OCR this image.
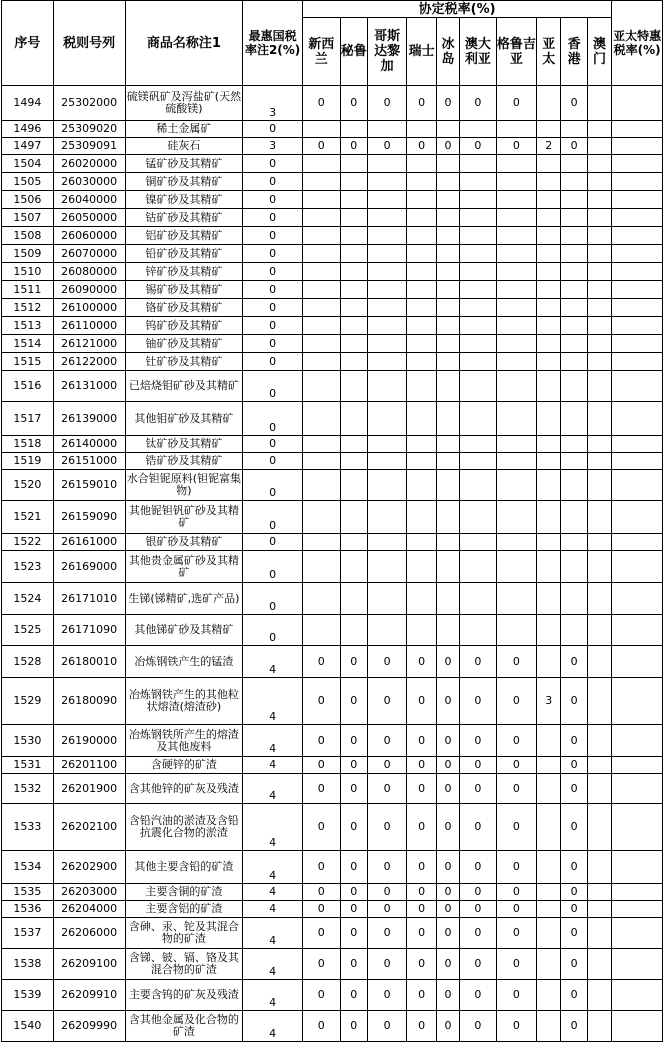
序号	税则号列	商品名称注1	最惠国税率注2(%)	协定税率(%)										亚太特惠税率(%)
				新西兰	秘鲁	哥斯达黎加	瑞士	冰岛	澳大利亚	格鲁吉亚	亚太	香港	澳门	
1494	25302000	硫镁矾矿及泻盐矿(天然硫酸镁)	3	0	0	0	0	0	0	0		0		
1496	25309020	稀土金属矿	0											
1497	25309091	硅灰石	3	0	0	0	0	0	0	0	2	0		
1504	26020000	锰矿砂及其精矿	0											
1505	26030000	铜矿砂及其精矿	0											
1506	26040000	镍矿砂及其精矿	0											
1507	26050000	钴矿砂及其精矿	0											
1508	26060000	铝矿砂及其精矿	0											
1509	26070000	铅矿砂及其精矿	0											
1510	26080000	锌矿砂及其精矿	0											
1511	26090000	锡矿砂及其精矿	0											
1512	26100000	铬矿砂及其精矿	0											
1513	26110000	钨矿砂及其精矿	0											
1514	26121000	铀矿砂及其精矿	0											
1515	26122000	钍矿砂及其精矿	0											
1516	26131000	已焙烧钼矿砂及其精矿	0											
1517	26139000	其他钼矿砂及其精矿	0											
1518	26140000	钛矿砂及其精矿	0											
1519	26151000	锆矿砂及其精矿	0											
1520	26159010	水合钽铌原料(钽铌富集物)	0											
1521	26159090	其他铌钽钒矿砂及其精矿	0											
1522	26161000	银矿砂及其精矿	0											
1523	26169000	其他贵金属矿砂及其精矿	0											
1524	26171010	生锑(锑精矿,选矿产品)	0											
1525	26171090	其他锑矿砂及其精矿	0											
1528	26180010	冶炼钢铁产生的锰渣	4	0	0	0	0	0	0	0		0		
1529	26180090	冶炼钢铁产生的其他粒状熔渣(熔渣砂)	4	0	0	0	0	0	0	0	3	0		
1530	26190000	冶炼钢铁所产生的熔渣及其他废料	4	0	0	0	0	0	0	0		0		
1531	26201100	含硬锌的矿渣	4	0	0	0	0	0	0	0		0		
1532	26201900	含其他锌的矿灰及残渣	4	0	0	0	0	0	0	0		0		
1533	26202100	含铅汽油的淤渣及含铅抗震化合物的淤渣	4	0	0	0	0	0	0	0		0		
1534	26202900	其他主要含铅的矿渣	4	0	0	0	0	0	0	0		0		
1535	26203000	主要含铜的矿渣	4	0	0	0	0	0	0	0		0		
1536	26204000	主要含铝的矿渣	4	0	0	0	0	0	0	0		0		
1537	26206000	含砷、汞、铊及其混合物的矿渣	4	0	0	0	0	0	0	0		0		
1538	26209100	含锑、铍、镉、铬及其混合物的矿渣	4	0	0	0	0	0	0	0		0		
1539	26209910	主要含钨的矿灰及残渣	4	0	0	0	0	0	0	0		0		
1540	26209990	含其他金属及化合物的矿渣	4	0	0	0	0	0	0	0		0		
